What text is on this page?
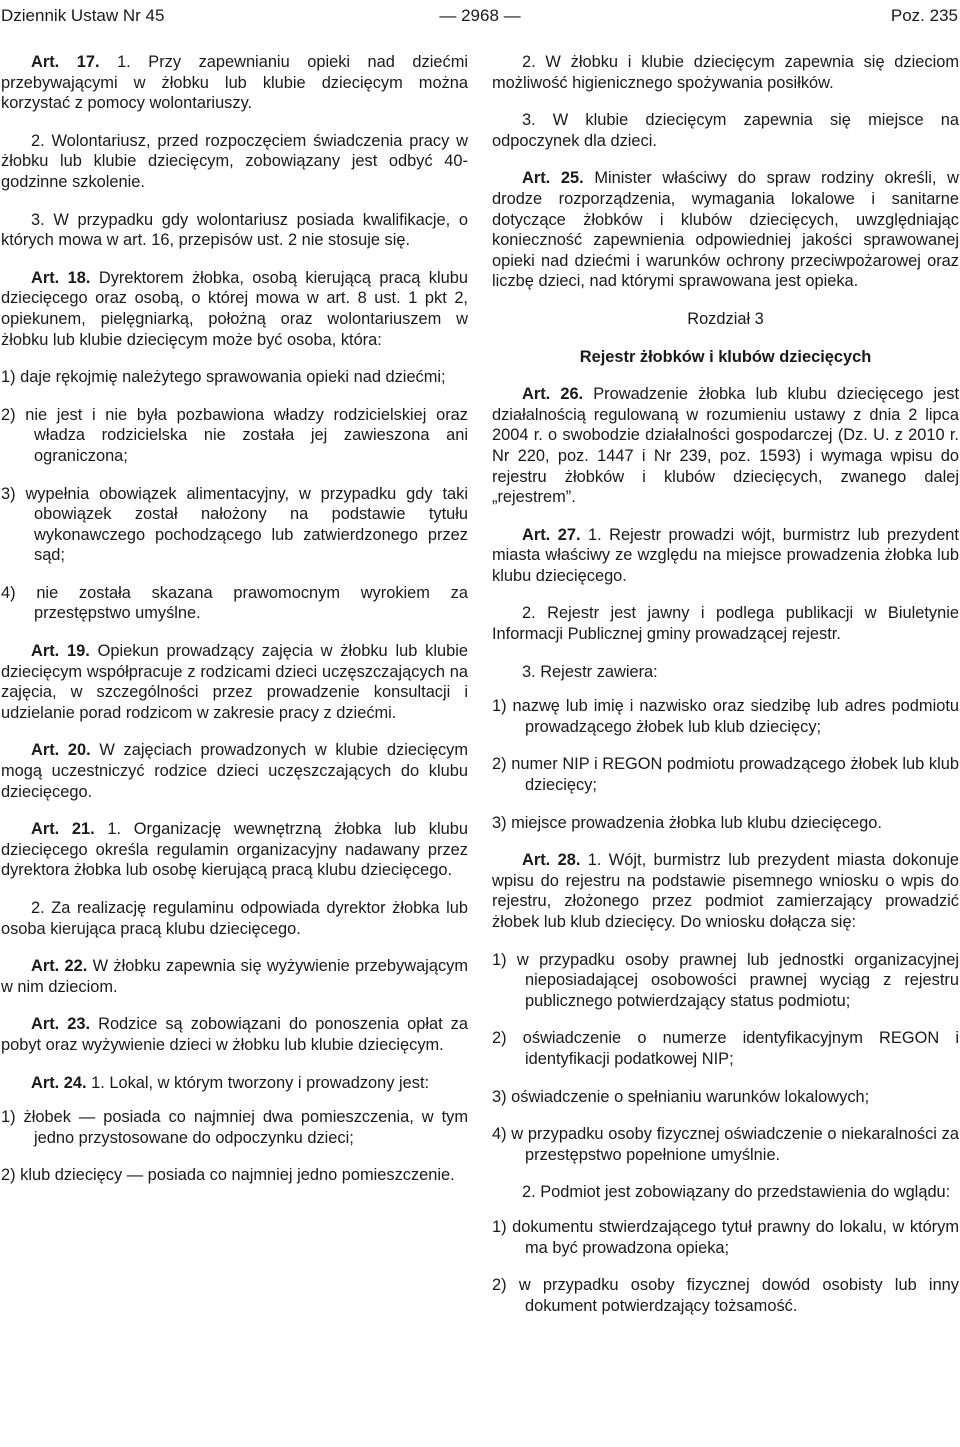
Dziennik Ustaw Nr 45	— 2968 —	Poz. 235

Art. 17. 1. Przy zapewnianiu opieki nad dziećmi przebywającymi w żłobku lub klubie dziecięcym można korzystać z pomocy wolontariuszy.

2. Wolontariusz, przed rozpoczęciem świadczenia pracy w żłobku lub klubie dziecięcym, zobowiązany jest odbyć 40-godzinne szkolenie.

3. W przypadku gdy wolontariusz posiada kwalifikacje, o których mowa w art. 16, przepisów ust. 2 nie stosuje się.

Art. 18. Dyrektorem żłobka, osobą kierującą pracą klubu dziecięcego oraz osobą, o której mowa w art. 8 ust. 1 pkt 2, opiekunem, pielęgniarką, położną oraz wolontariuszem w żłobku lub klubie dziecięcym może być osoba, która:

1) daje rękojmię należytego sprawowania opieki nad dziećmi;

2) nie jest i nie była pozbawiona władzy rodzicielskiej oraz władza rodzicielska nie została jej zawieszona ani ograniczona;

3) wypełnia obowiązek alimentacyjny, w przypadku gdy taki obowiązek został nałożony na podstawie tytułu wykonawczego pochodzącego lub zatwierdzonego przez sąd;

4) nie została skazana prawomocnym wyrokiem za przestępstwo umyślne.

Art. 19. Opiekun prowadzący zajęcia w żłobku lub klubie dziecięcym współpracuje z rodzicami dzieci uczęszczających na zajęcia, w szczególności przez prowadzenie konsultacji i udzielanie porad rodzicom w zakresie pracy z dziećmi.

Art. 20. W zajęciach prowadzonych w klubie dziecięcym mogą uczestniczyć rodzice dzieci uczęszczających do klubu dziecięcego.

Art. 21. 1. Organizację wewnętrzną żłobka lub klubu dziecięcego określa regulamin organizacyjny nadawany przez dyrektora żłobka lub osobę kierującą pracą klubu dziecięcego.

2. Za realizację regulaminu odpowiada dyrektor żłobka lub osoba kierująca pracą klubu dziecięcego.

Art. 22. W żłobku zapewnia się wyżywienie przebywającym w nim dzieciom.

Art. 23. Rodzice są zobowiązani do ponoszenia opłat za pobyt oraz wyżywienie dzieci w żłobku lub klubie dziecięcym.

Art. 24. 1. Lokal, w którym tworzony i prowadzony jest:

1) żłobek — posiada co najmniej dwa pomieszczenia, w tym jedno przystosowane do odpoczynku dzieci;

2) klub dziecięcy — posiada co najmniej jedno pomieszczenie.

2. W żłobku i klubie dziecięcym zapewnia się dzieciom możliwość higienicznego spożywania posiłków.

3. W klubie dziecięcym zapewnia się miejsce na odpoczynek dla dzieci.

Art. 25. Minister właściwy do spraw rodziny określi, w drodze rozporządzenia, wymagania lokalowe i sanitarne dotyczące żłobków i klubów dziecięcych, uwzględniając konieczność zapewnienia odpowiedniej jakości sprawowanej opieki nad dziećmi i warunków ochrony przeciwpożarowej oraz liczbę dzieci, nad którymi sprawowana jest opieka.

Rozdział 3

Rejestr żłobków i klubów dziecięcych

Art. 26. Prowadzenie żłobka lub klubu dziecięcego jest działalnością regulowaną w rozumieniu ustawy z dnia 2 lipca 2004 r. o swobodzie działalności gospodarczej (Dz. U. z 2010 r. Nr 220, poz. 1447 i Nr 239, poz. 1593) i wymaga wpisu do rejestru żłobków i klubów dziecięcych, zwanego dalej „rejestrem”.

Art. 27. 1. Rejestr prowadzi wójt, burmistrz lub prezydent miasta właściwy ze względu na miejsce prowadzenia żłobka lub klubu dziecięcego.

2. Rejestr jest jawny i podlega publikacji w Biuletynie Informacji Publicznej gminy prowadzącej rejestr.

3. Rejestr zawiera:

1) nazwę lub imię i nazwisko oraz siedzibę lub adres podmiotu prowadzącego żłobek lub klub dziecięcy;

2) numer NIP i REGON podmiotu prowadzącego żłobek lub klub dziecięcy;

3) miejsce prowadzenia żłobka lub klubu dziecięcego.

Art. 28. 1. Wójt, burmistrz lub prezydent miasta dokonuje wpisu do rejestru na podstawie pisemnego wniosku o wpis do rejestru, złożonego przez podmiot zamierzający prowadzić żłobek lub klub dziecięcy. Do wniosku dołącza się:

1) w przypadku osoby prawnej lub jednostki organizacyjnej nieposiadającej osobowości prawnej wyciąg z rejestru publicznego potwierdzający status podmiotu;

2) oświadczenie o numerze identyfikacyjnym REGON i identyfikacji podatkowej NIP;

3) oświadczenie o spełnianiu warunków lokalowych;

4) w przypadku osoby fizycznej oświadczenie o niekaralności za przestępstwo popełnione umyślnie.

2. Podmiot jest zobowiązany do przedstawienia do wglądu:

1) dokumentu stwierdzającego tytuł prawny do lokalu, w którym ma być prowadzona opieka;

2) w przypadku osoby fizycznej dowód osobisty lub inny dokument potwierdzający tożsamość.
